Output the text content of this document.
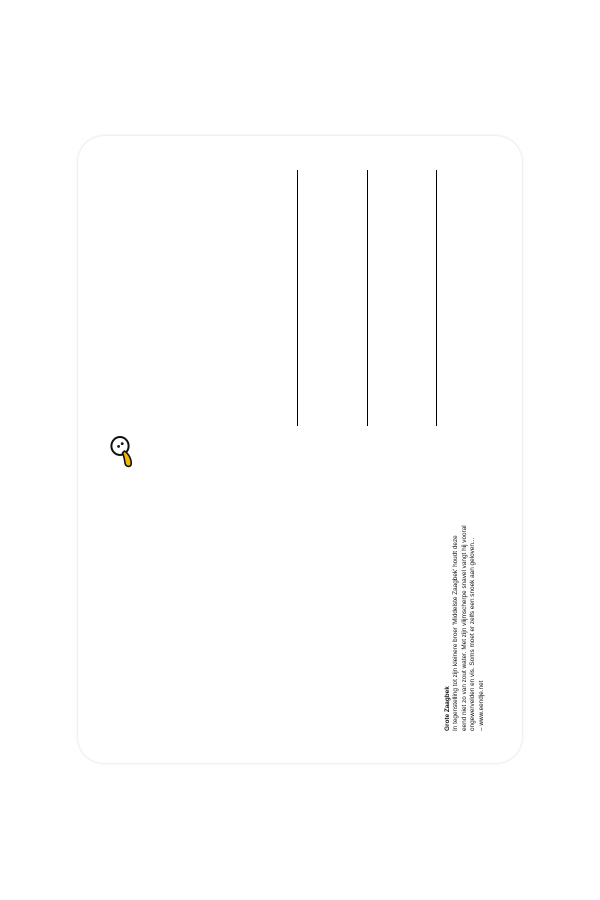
Grote Zaagbek In tegenstelling tot zijn kleinere broer 'Middelste Zaagbek' houdt deze eend niet zo van zout water. Met zijn vlijmscherpe snavel vangt hij vooral ongewervelden en vis. Soms moet er zelfs een snoek aan geloven... – www.eendje.net
